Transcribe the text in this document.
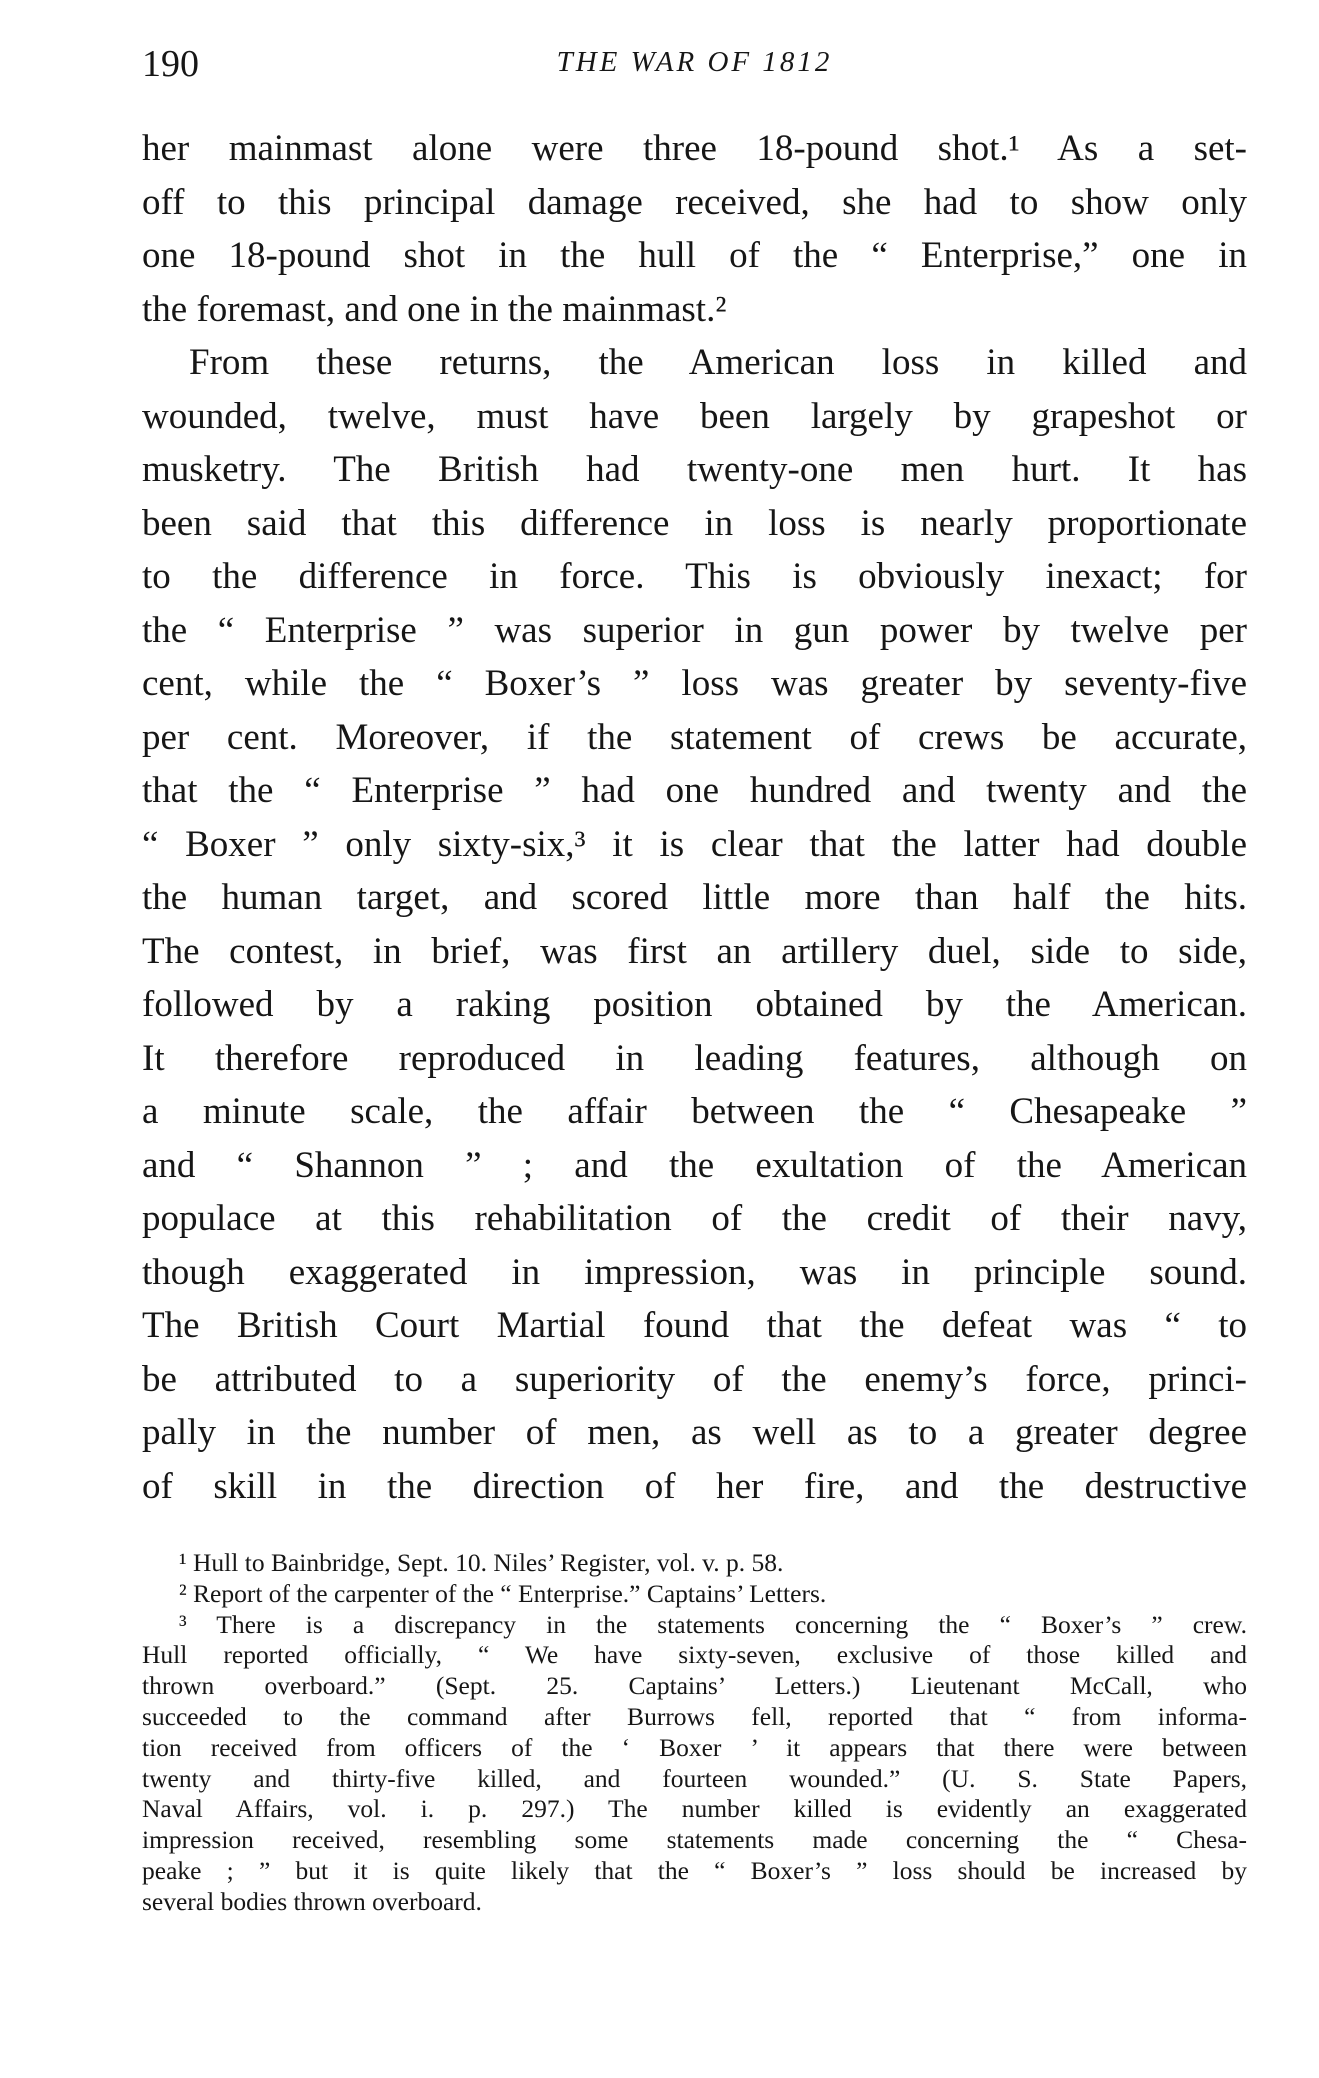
190	THE WAR OF 1812
her mainmast alone were three 18-pound shot.¹ As a set-
off to this principal damage received, she had to show only
one 18-pound shot in the hull of the “ Enterprise,” one in
the foremast, and one in the mainmast.²
From these returns, the American loss in killed and
wounded, twelve, must have been largely by grapeshot or
musketry. The British had twenty-one men hurt. It has
been said that this difference in loss is nearly proportionate
to the difference in force. This is obviously inexact; for
the “ Enterprise ” was superior in gun power by twelve per
cent, while the “ Boxer’s ” loss was greater by seventy-five
per cent. Moreover, if the statement of crews be accurate,
that the “ Enterprise ” had one hundred and twenty and the
“ Boxer ” only sixty-six,³ it is clear that the latter had double
the human target, and scored little more than half the hits.
The contest, in brief, was first an artillery duel, side to side,
followed by a raking position obtained by the American.
It therefore reproduced in leading features, although on
a minute scale, the affair between the “ Chesapeake ”
and “ Shannon ” ; and the exultation of the American
populace at this rehabilitation of the credit of their navy,
though exaggerated in impression, was in principle sound.
The British Court Martial found that the defeat was “ to
be attributed to a superiority of the enemy’s force, princi-
pally in the number of men, as well as to a greater degree
of skill in the direction of her fire, and the destructive
¹ Hull to Bainbridge, Sept. 10. Niles’ Register, vol. v. p. 58.
² Report of the carpenter of the “ Enterprise.” Captains’ Letters.
³ There is a discrepancy in the statements concerning the “ Boxer’s ” crew.
Hull reported officially, “ We have sixty-seven, exclusive of those killed and
thrown overboard.” (Sept. 25. Captains’ Letters.) Lieutenant McCall, who
succeeded to the command after Burrows fell, reported that “ from informa-
tion received from officers of the ‘ Boxer ’ it appears that there were between
twenty and thirty-five killed, and fourteen wounded.” (U. S. State Papers,
Naval Affairs, vol. i. p. 297.) The number killed is evidently an exaggerated
impression received, resembling some statements made concerning the “ Chesa-
peake ; ” but it is quite likely that the “ Boxer’s ” loss should be increased by
several bodies thrown overboard.
